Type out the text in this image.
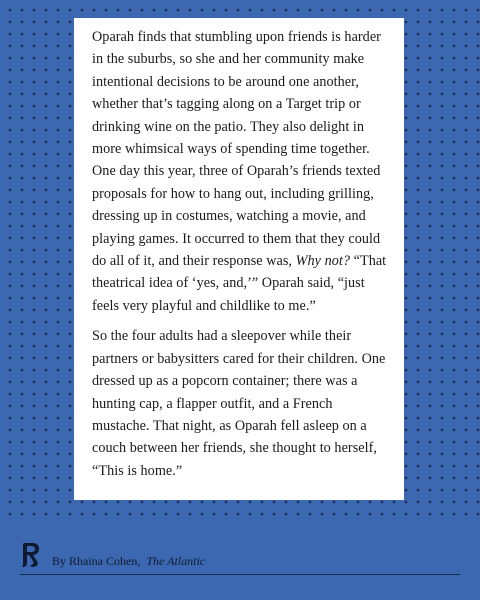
Oparah finds that stumbling upon friends is harder in the suburbs, so she and her community make intentional decisions to be around one another, whether that’s tagging along on a Target trip or drinking wine on the patio. They also delight in more whimsical ways of spending time together. One day this year, three of Oparah’s friends texted proposals for how to hang out, including grilling, dressing up in costumes, watching a movie, and playing games. It occurred to them that they could do all of it, and their response was, Why not? “That theatrical idea of ‘yes, and,’” Oparah said, “just feels very playful and childlike to me.”

So the four adults had a sleepover while their partners or babysitters cared for their children. One dressed up as a popcorn container; there was a hunting cap, a flapper outfit, and a French mustache. That night, as Oparah fell asleep on a couch between her friends, she thought to herself, “This is home.”

By Rhaina Cohen, The Atlantic
